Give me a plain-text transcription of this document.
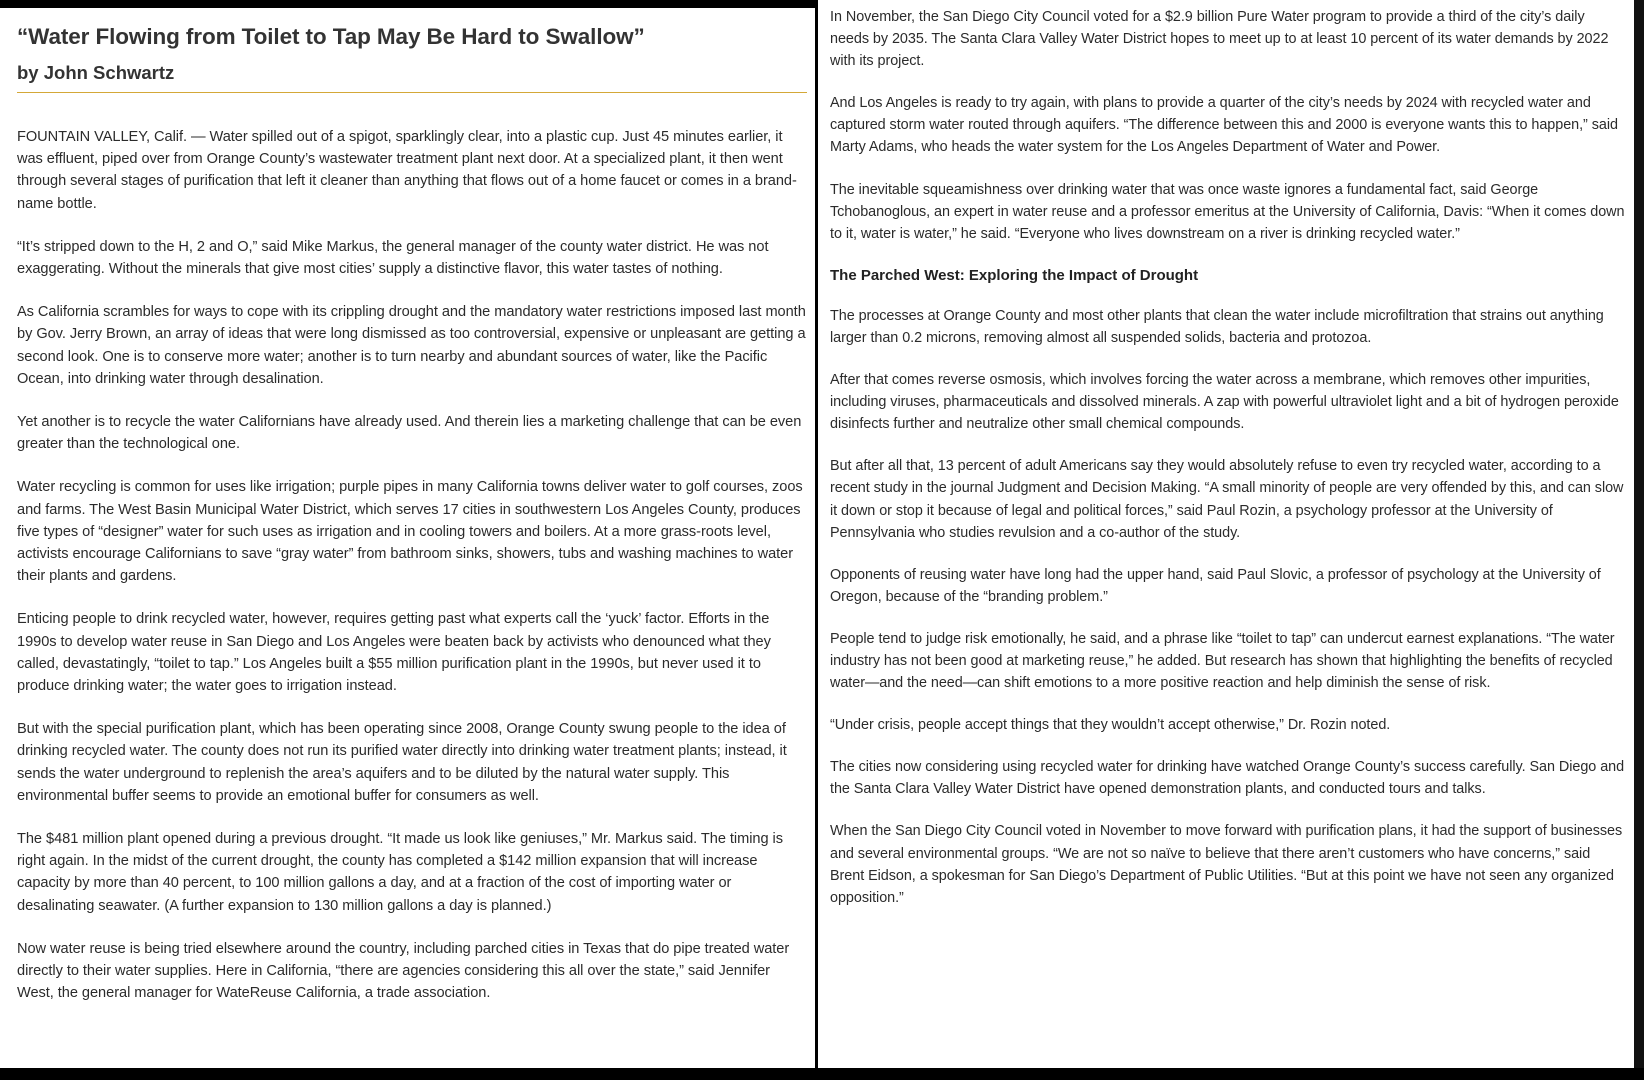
“Water Flowing from Toilet to Tap May Be Hard to Swallow”
by John Schwartz

FOUNTAIN VALLEY, Calif. — Water spilled out of a spigot, sparklingly clear, into a plastic cup. Just 45 minutes earlier, it was effluent, piped over from Orange County’s wastewater treatment plant next door. At a specialized plant, it then went through several stages of purification that left it cleaner than anything that flows out of a home faucet or comes in a brand-name bottle.

“It’s stripped down to the H, 2 and O,” said Mike Markus, the general manager of the county water district. He was not exaggerating. Without the minerals that give most cities’ supply a distinctive flavor, this water tastes of nothing.

As California scrambles for ways to cope with its crippling drought and the mandatory water restrictions imposed last month by Gov. Jerry Brown, an array of ideas that were long dismissed as too controversial, expensive or unpleasant are getting a second look. One is to conserve more water; another is to turn nearby and abundant sources of water, like the Pacific Ocean, into drinking water through desalination.

Yet another is to recycle the water Californians have already used. And therein lies a marketing challenge that can be even greater than the technological one.

Water recycling is common for uses like irrigation; purple pipes in many California towns deliver water to golf courses, zoos and farms. The West Basin Municipal Water District, which serves 17 cities in southwestern Los Angeles County, produces five types of “designer” water for such uses as irrigation and in cooling towers and boilers. At a more grass-roots level, activists encourage Californians to save “gray water” from bathroom sinks, showers, tubs and washing machines to water their plants and gardens.

Enticing people to drink recycled water, however, requires getting past what experts call the ‘yuck’ factor. Efforts in the 1990s to develop water reuse in San Diego and Los Angeles were beaten back by activists who denounced what they called, devastatingly, “toilet to tap.” Los Angeles built a $55 million purification plant in the 1990s, but never used it to produce drinking water; the water goes to irrigation instead.

But with the special purification plant, which has been operating since 2008, Orange County swung people to the idea of drinking recycled water. The county does not run its purified water directly into drinking water treatment plants; instead, it sends the water underground to replenish the area’s aquifers and to be diluted by the natural water supply. This environmental buffer seems to provide an emotional buffer for consumers as well.

The $481 million plant opened during a previous drought. “It made us look like geniuses,” Mr. Markus said. The timing is right again. In the midst of the current drought, the county has completed a $142 million expansion that will increase capacity by more than 40 percent, to 100 million gallons a day, and at a fraction of the cost of importing water or desalinating seawater. (A further expansion to 130 million gallons a day is planned.)

Now water reuse is being tried elsewhere around the country, including parched cities in Texas that do pipe treated water directly to their water supplies. Here in California, “there are agencies considering this all over the state,” said Jennifer West, the general manager for WateReuse California, a trade association.

In November, the San Diego City Council voted for a $2.9 billion Pure Water program to provide a third of the city’s daily needs by 2035. The Santa Clara Valley Water District hopes to meet up to at least 10 percent of its water demands by 2022 with its project.

And Los Angeles is ready to try again, with plans to provide a quarter of the city’s needs by 2024 with recycled water and captured storm water routed through aquifers. “The difference between this and 2000 is everyone wants this to happen,” said Marty Adams, who heads the water system for the Los Angeles Department of Water and Power.

The inevitable squeamishness over drinking water that was once waste ignores a fundamental fact, said George Tchobanoglous, an expert in water reuse and a professor emeritus at the University of California, Davis: “When it comes down to it, water is water,” he said. “Everyone who lives downstream on a river is drinking recycled water.”

The Parched West: Exploring the Impact of Drought

The processes at Orange County and most other plants that clean the water include microfiltration that strains out anything larger than 0.2 microns, removing almost all suspended solids, bacteria and protozoa.

After that comes reverse osmosis, which involves forcing the water across a membrane, which removes other impurities, including viruses, pharmaceuticals and dissolved minerals. A zap with powerful ultraviolet light and a bit of hydrogen peroxide disinfects further and neutralize other small chemical compounds.

But after all that, 13 percent of adult Americans say they would absolutely refuse to even try recycled water, according to a recent study in the journal Judgment and Decision Making. “A small minority of people are very offended by this, and can slow it down or stop it because of legal and political forces,” said Paul Rozin, a psychology professor at the University of Pennsylvania who studies revulsion and a co-author of the study.

Opponents of reusing water have long had the upper hand, said Paul Slovic, a professor of psychology at the University of Oregon, because of the “branding problem.”

People tend to judge risk emotionally, he said, and a phrase like “toilet to tap” can undercut earnest explanations. “The water industry has not been good at marketing reuse,” he added. But research has shown that highlighting the benefits of recycled water—and the need—can shift emotions to a more positive reaction and help diminish the sense of risk.

“Under crisis, people accept things that they wouldn’t accept otherwise,” Dr. Rozin noted.

The cities now considering using recycled water for drinking have watched Orange County’s success carefully. San Diego and the Santa Clara Valley Water District have opened demonstration plants, and conducted tours and talks.

When the San Diego City Council voted in November to move forward with purification plans, it had the support of businesses and several environmental groups. “We are not so naïve to believe that there aren’t customers who have concerns,” said Brent Eidson, a spokesman for San Diego’s Department of Public Utilities. “But at this point we have not seen any organized opposition.”
